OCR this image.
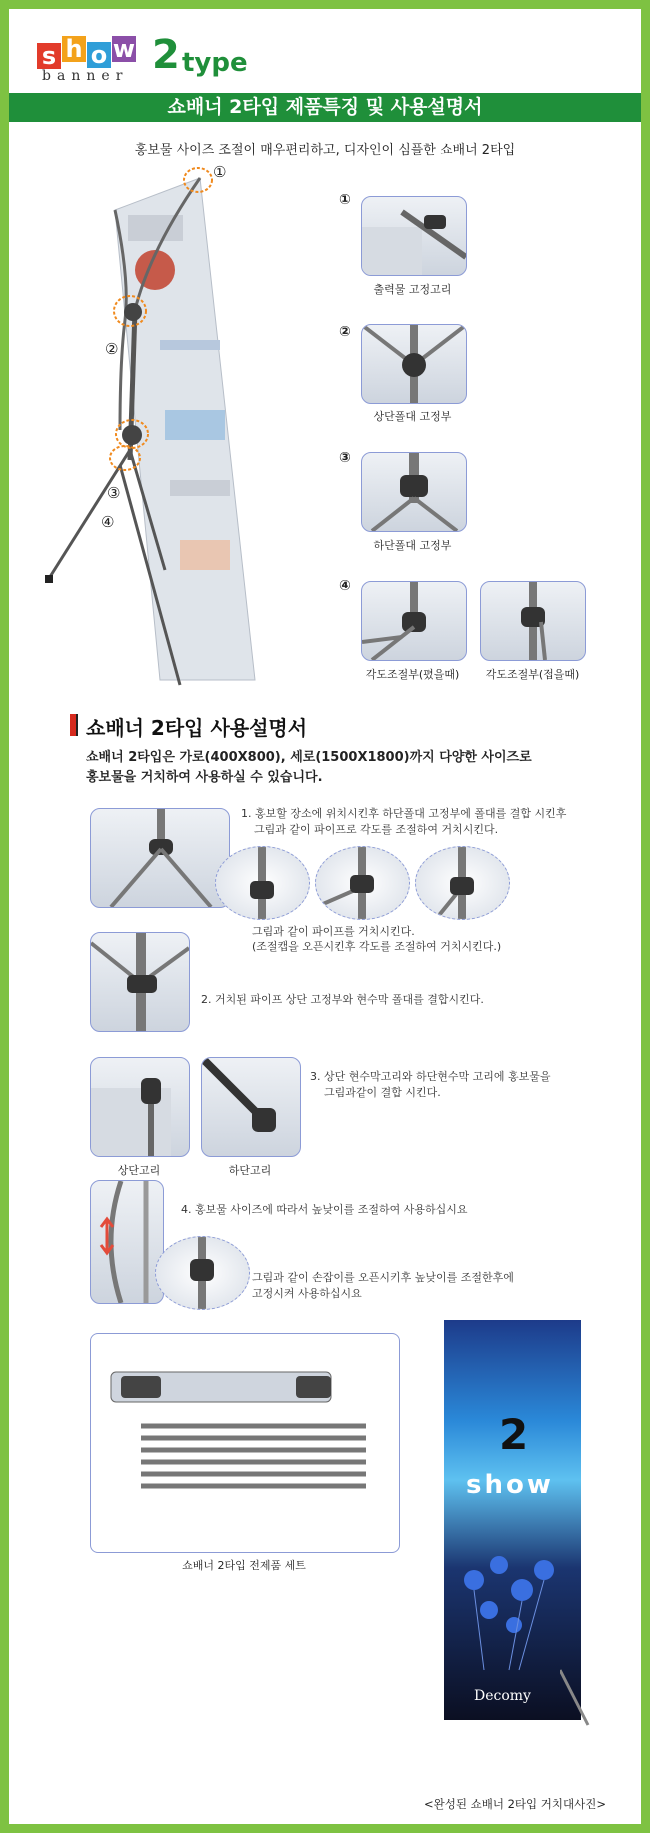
s h o w
banner 2 type
쇼배너 2타입 제품특징 및 사용설명서
홍보물 사이즈 조절이 매우편리하고, 디자인이 심플한 쇼배너 2타입
①
②
③
④
①
출력물 고정고리
②
상단폴대 고정부
③
하단폴대 고정부
④
각도조절부(폈을때)	각도조절부(접을때)
쇼배너 2타입 사용설명서
쇼배너 2타입은 가로(400X800), 세로(1500X1800)까지 다양한 사이즈로
홍보물을 거치하여 사용하실 수 있습니다.
1. 홍보할 장소에 위치시킨후 하단폴대 고정부에 폴대를 결합 시킨후
그림과 같이 파이프로 각도를 조절하여 거치시킨다.
그림과 같이 파이프를 거치시킨다.
(조절캡을 오픈시킨후 각도를 조절하여 거치시킨다.)
2. 거치된 파이프 상단 고정부와 현수막 폴대를 결합시킨다.
상단고리	하단고리
3. 상단 현수막고리와 하단현수막 고리에 홍보물을
그림과같이 결합 시킨다.
4. 홍보물 사이즈에 따라서 높낮이를 조절하여 사용하십시요
그림과 같이 손잡이를 오픈시키후 높낮이를 조절한후에
고정시켜 사용하십시요
쇼배너 2타입 전제품 세트
2
show
Decomy
<완성된 쇼배너 2타입 거치대사진>
